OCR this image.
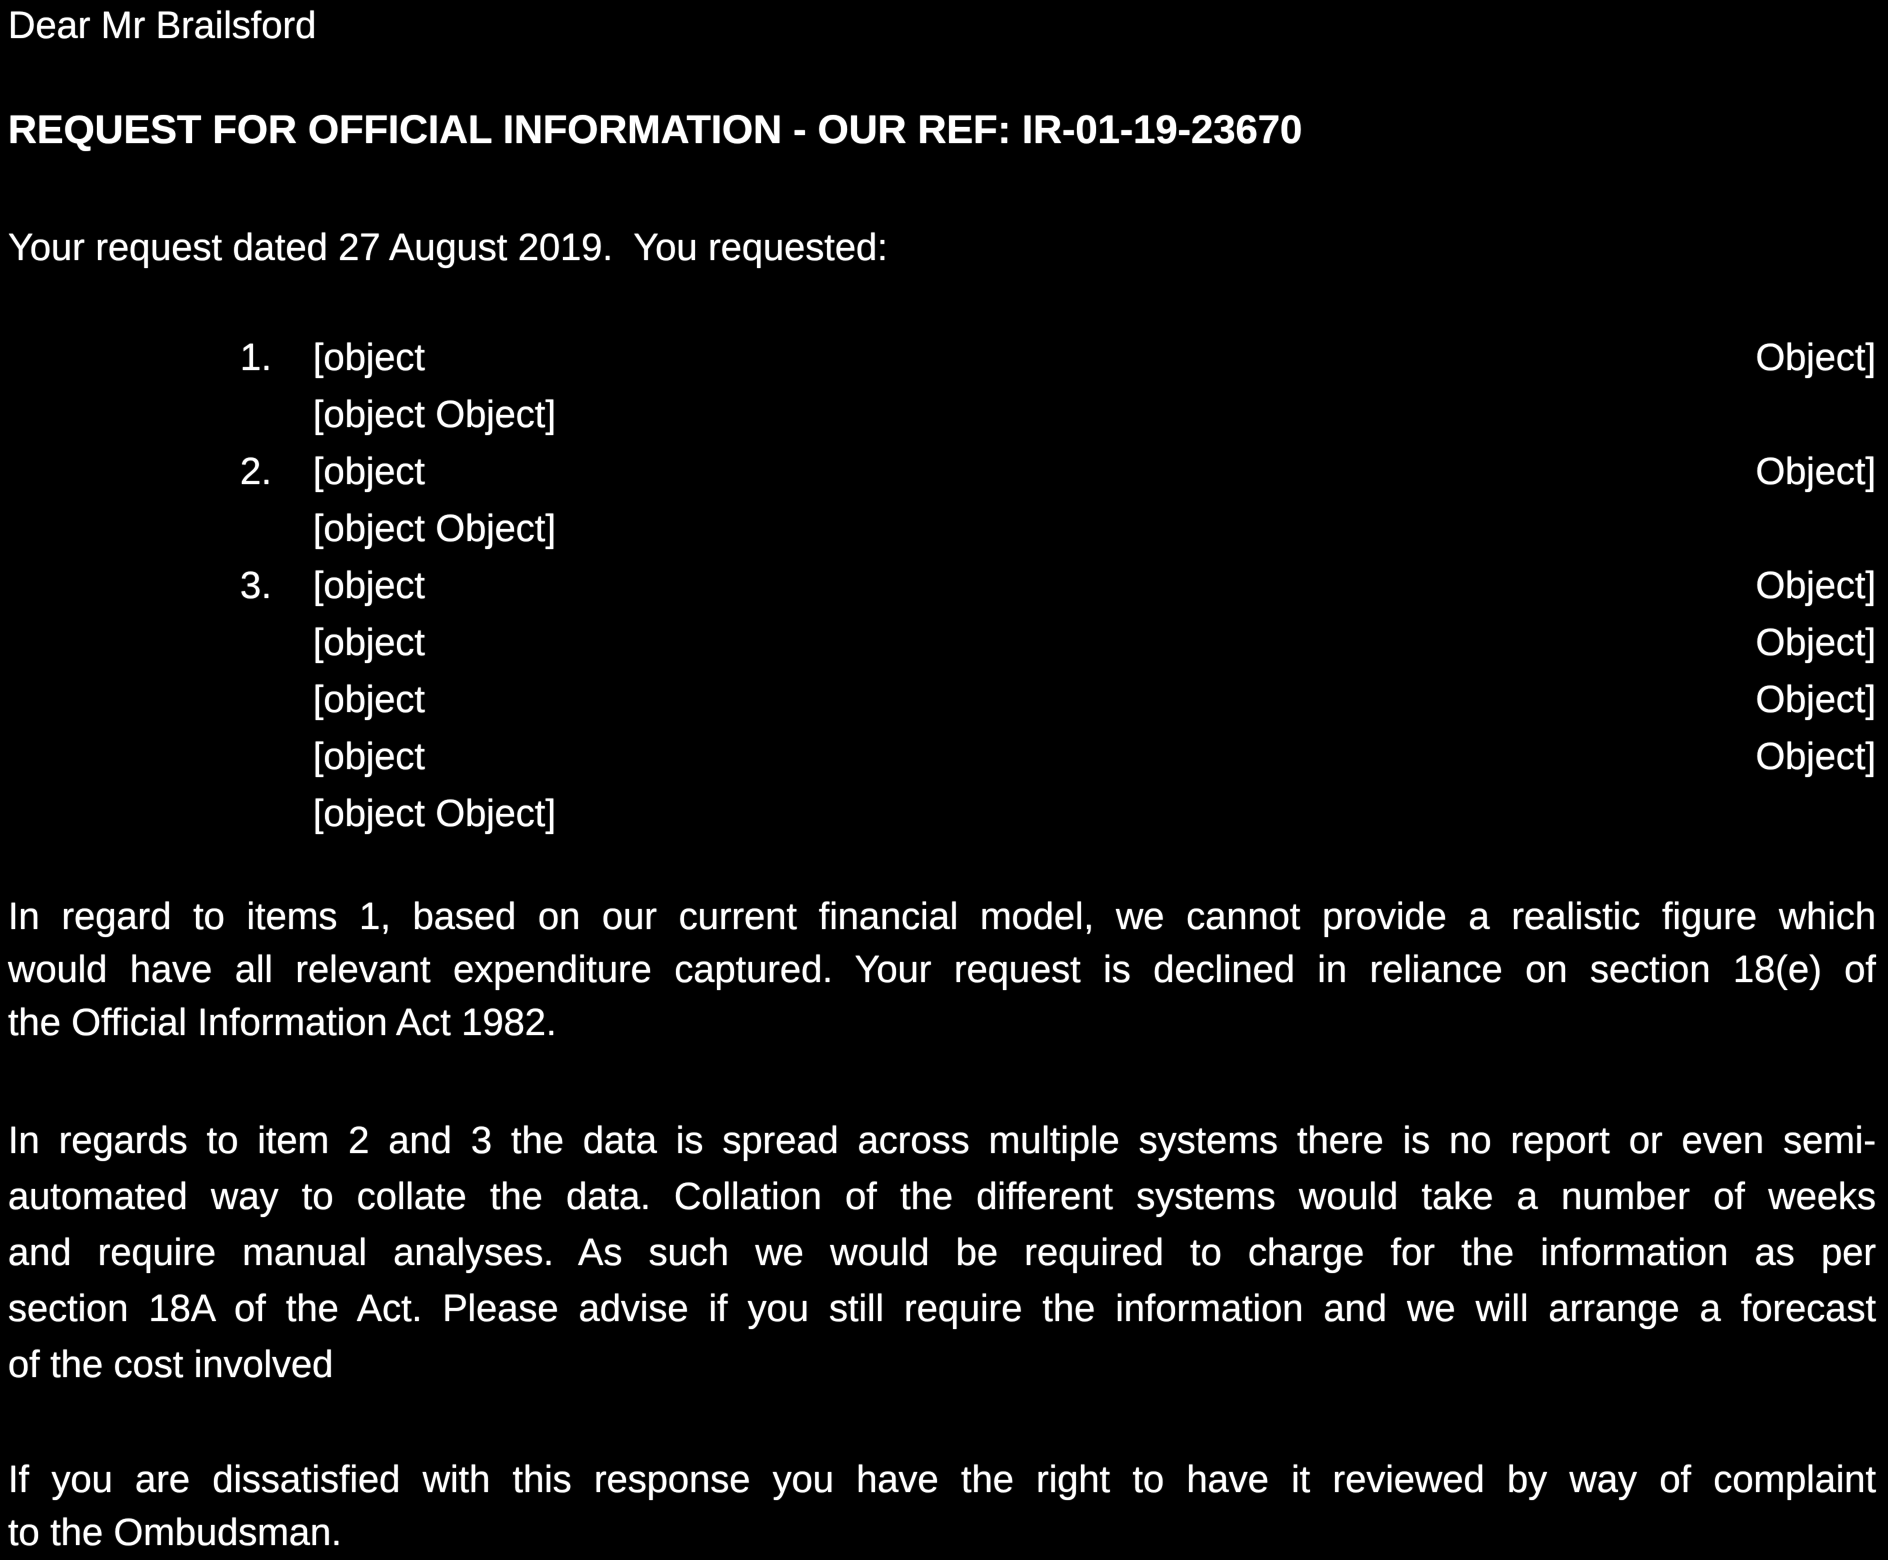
Dear Mr Brailsford
REQUEST FOR OFFICIAL INFORMATION - OUR REF: IR-01-19-23670
Your request dated 27 August 2019.  You requested:
1. [object Object]
[object Object]
2. [object Object]
[object Object]
3. [object Object]
[object Object]
[object Object]
[object Object]
[object Object]
In regard to items 1, based on our current financial model, we cannot provide a realistic figure which
would have all relevant expenditure captured. Your request is declined in reliance on section 18(e) of
the Official Information Act 1982.
In regards to item 2 and 3 the data is spread across multiple systems there is no report or even semi-
automated way to collate the data. Collation of the different systems would take a number of weeks
and require manual analyses. As such we would be required to charge for the information as per
section 18A of the Act. Please advise if you still require the information and we will arrange a forecast
of the cost involved
If you are dissatisfied with this response you have the right to have it reviewed by way of complaint
to the Ombudsman.
